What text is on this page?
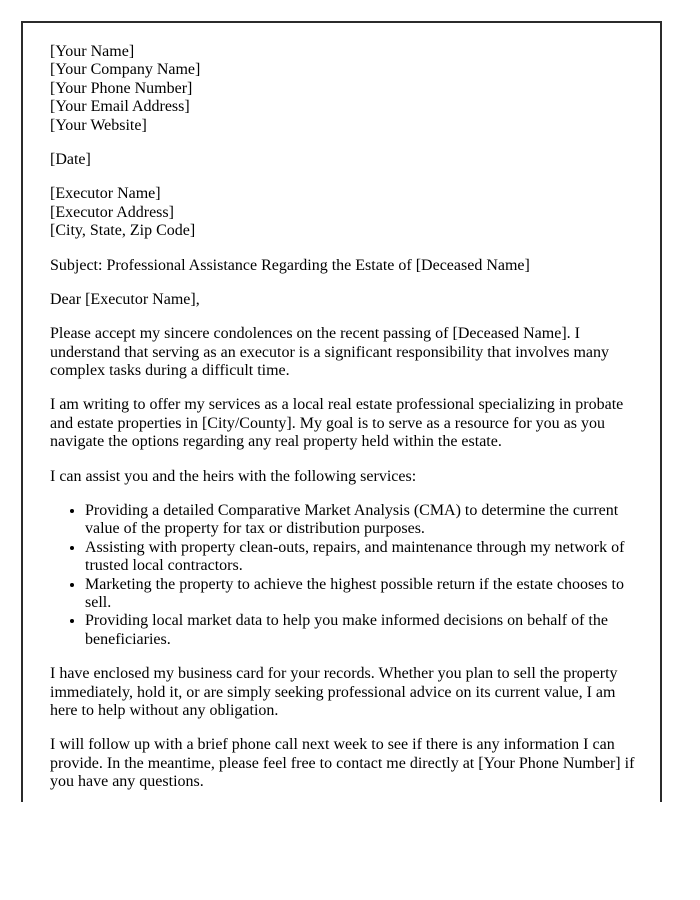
[Your Name]
[Your Company Name]
[Your Phone Number]
[Your Email Address]
[Your Website]

[Date]

[Executor Name]
[Executor Address]
[City, State, Zip Code]

Subject: Professional Assistance Regarding the Estate of [Deceased Name]

Dear [Executor Name],

Please accept my sincere condolences on the recent passing of [Deceased Name]. I understand that serving as an executor is a significant responsibility that involves many complex tasks during a difficult time.

I am writing to offer my services as a local real estate professional specializing in probate and estate properties in [City/County]. My goal is to serve as a resource for you as you navigate the options regarding any real property held within the estate.

I can assist you and the heirs with the following services:

• Providing a detailed Comparative Market Analysis (CMA) to determine the current value of the property for tax or distribution purposes.
• Assisting with property clean-outs, repairs, and maintenance through my network of trusted local contractors.
• Marketing the property to achieve the highest possible return if the estate chooses to sell.
• Providing local market data to help you make informed decisions on behalf of the beneficiaries.

I have enclosed my business card for your records. Whether you plan to sell the property immediately, hold it, or are simply seeking professional advice on its current value, I am here to help without any obligation.

I will follow up with a brief phone call next week to see if there is any information I can provide. In the meantime, please feel free to contact me directly at [Your Phone Number] if you have any questions.
